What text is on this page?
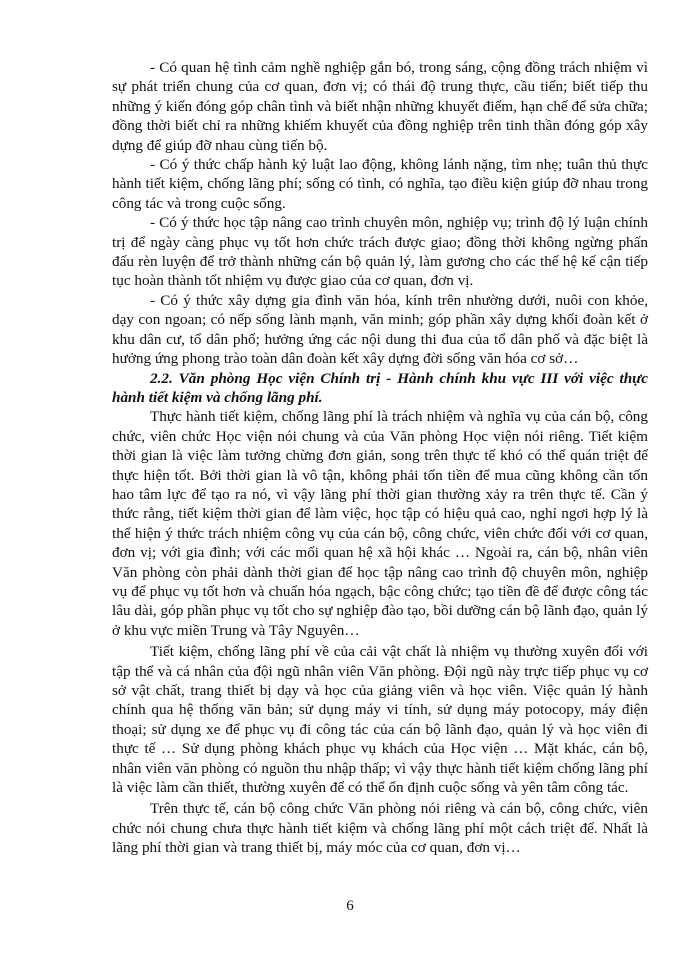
- Có quan hệ tình cảm nghề nghiệp gắn bó, trong sáng, cộng đồng trách nhiệm vì sự phát triển chung của cơ quan, đơn vị; có thái độ trung thực, cầu tiến; biết tiếp thu những ý kiến đóng góp chân tình và biết nhận những khuyết điểm, hạn chế để sửa chữa; đồng thời biết chỉ ra những khiếm khuyết của đồng nghiệp trên tinh thần đóng góp xây dựng để giúp đỡ nhau cùng tiến bộ.

- Có ý thức chấp hành kỷ luật lao động, không lánh nặng, tìm nhẹ; tuân thủ thực hành tiết kiệm, chống lãng phí; sống có tình, có nghĩa, tạo điều kiện giúp đỡ nhau trong công tác và trong cuộc sống.

- Có ý thức học tập nâng cao trình chuyên môn, nghiệp vụ; trình độ lý luận chính trị để ngày càng phục vụ tốt hơn chức trách được giao; đồng thời không ngừng phấn đấu rèn luyện để trở thành những cán bộ quản lý, làm gương cho các thế hệ kế cận tiếp tục hoàn thành tốt nhiệm vụ được giao của cơ quan, đơn vị.

- Có ý thức xây dựng gia đình văn hóa, kính trên nhường dưới, nuôi con khỏe, dạy con ngoan; có nếp sống lành mạnh, văn minh; góp phần xây dựng khối đoàn kết ở khu dân cư, tổ dân phố; hưởng ứng các nội dung thi đua của tổ dân phố và đặc biệt là hưởng ứng phong trào toàn dân đoàn kết xây dựng đời sống văn hóa cơ sở…

2.2. Văn phòng Học viện Chính trị - Hành chính khu vực III với việc thực hành tiết kiệm và chống lãng phí.

Thực hành tiết kiệm, chống lãng phí là trách nhiệm và nghĩa vụ của cán bộ, công chức, viên chức Học viện nói chung và của Văn phòng Học viện nói riêng. Tiết kiệm thời gian là việc làm tưởng chừng đơn giản, song trên thực tế khó có thể quán triệt để thực hiện tốt. Bởi thời gian là vô tận, không phải tốn tiền để mua cũng không cần tốn hao tâm lực để tạo ra nó, vì vậy lãng phí thời gian thường xảy ra trên thực tế. Cần ý thức rằng, tiết kiệm thời gian để làm việc, học tập có hiệu quả cao, nghỉ ngơi hợp lý là thể hiện ý thức trách nhiệm công vụ của cán bộ, công chức, viên chức đối với cơ quan, đơn vị; với gia đình; với các mối quan hệ xã hội khác … Ngoài ra, cán bộ, nhân viên Văn phòng còn phải dành thời gian để học tập nâng cao trình độ chuyên môn, nghiệp vụ để phục vụ tốt hơn và chuẩn hóa ngạch, bậc công chức; tạo tiền đề để được công tác lâu dài, góp phần phục vụ tốt cho sự nghiệp đào tạo, bồi dưỡng cán bộ lãnh đạo, quản lý ở khu vực miền Trung và Tây Nguyên…

Tiết kiệm, chống lãng phí về của cải vật chất là nhiệm vụ thường xuyên đối với tập thể và cá nhân của đội ngũ nhân viên Văn phòng. Đội ngũ này trực tiếp phục vụ cơ sở vật chất, trang thiết bị dạy và học của giảng viên và học viên. Việc quản lý hành chính qua hệ thống văn bản; sử dụng máy vi tính, sử dụng máy potocopy, máy điện thoại; sử dụng xe để phục vụ đi công tác của cán bộ lãnh đạo, quản lý và học viên đi thực tế … Sử dụng phòng khách phục vụ khách của Học viện … Mặt khác, cán bộ, nhân viên văn phòng có nguồn thu nhập thấp; vì vậy thực hành tiết kiệm chống lãng phí là việc làm cần thiết, thường xuyên để có thể ổn định cuộc sống và yên tâm công tác.

Trên thực tế, cán bộ công chức Văn phòng nói riêng và cán bộ, công chức, viên chức nói chung chưa thực hành tiết kiệm và chống lãng phí một cách triệt để. Nhất là lãng phí thời gian và trang thiết bị, máy móc của cơ quan, đơn vị…

6
